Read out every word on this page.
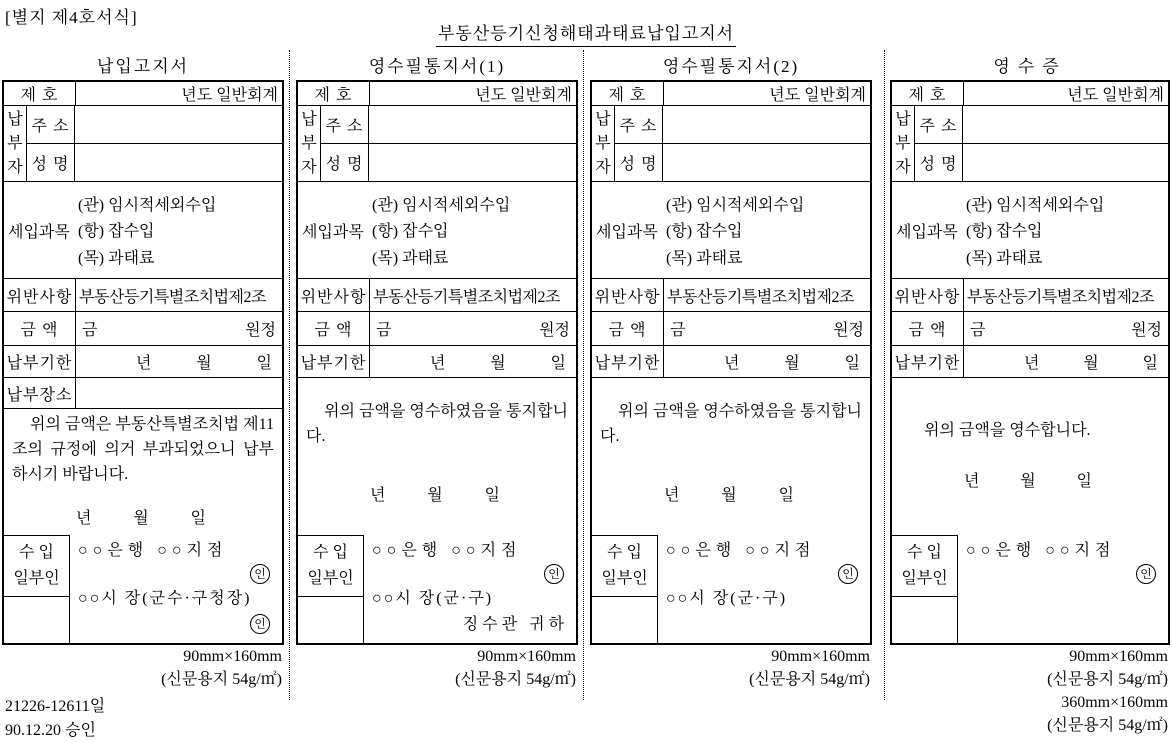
[별지 제4호서식]
부동산등기신청해태과태료납입고지서
납입고지서
제 호	년도 일반회계
납부자
주 소
성 명
세입과목
(관) 임시적세외수입
(항) 잡수입
(목) 과태료
위반사항 부동산등기특별조치법제2조
금 액	금	원정
납부기한	년	월	일
납부장소
위의 금액은 부동산특별조치법 제11조의 규정에 의거 부과되었으니 납부하시기 바랍니다.
년	월	일
수 입
일부인
○○은행 ○○지점
인
○○시 장(군수·구청장)
인
90mm×160mm
(신문용지 54g/㎡)
영수필통지서(1)
제 호	년도 일반회계
납부자
주 소
성 명
세입과목
(관) 임시적세외수입
(항) 잡수입
(목) 과태료
위반사항 부동산등기특별조치법제2조
금 액	금	원정
납부기한	년	월	일
위의 금액을 영수하였음을 통지합니다.
년	월	일
수 입
일부인
○○은행 ○○지점
인
○○시 장(군·구)
징수관 귀하
90mm×160mm
(신문용지 54g/㎡)
영수필통지서(2)
제 호	년도 일반회계
납부자
주 소
성 명
세입과목
(관) 임시적세외수입
(항) 잡수입
(목) 과태료
위반사항 부동산등기특별조치법제2조
금 액	금	원정
납부기한	년	월	일
위의 금액을 영수하였음을 통지합니다.
년	월	일
수 입
일부인
○○은행 ○○지점
인
○○시 장(군·구)
90mm×160mm
(신문용지 54g/㎡)
영수증
제 호	년도 일반회계
납부자
주 소
성 명
세입과목
(관) 임시적세외수입
(항) 잡수입
(목) 과태료
위반사항 부동산등기특별조치법제2조
금 액	금	원정
납부기한	년	월	일
위의 금액을 영수합니다.
년	월	일
수 입
일부인
○○은행 ○○지점
인
90mm×160mm
(신문용지 54g/㎡)
360mm×160mm
(신문용지 54g/㎡)
21226-12611일
90.12.20 승인
